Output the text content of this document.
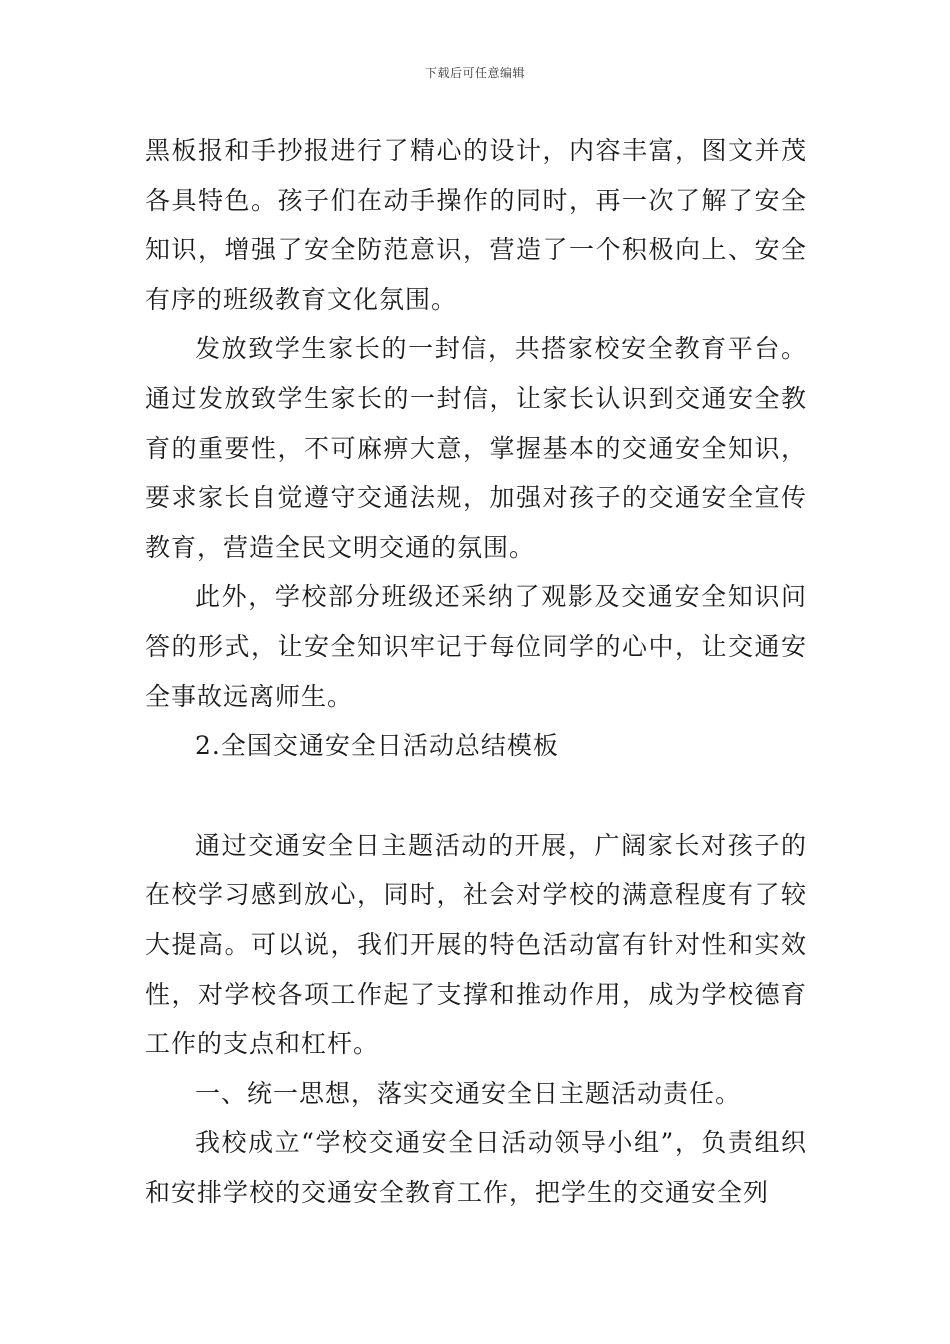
下载后可任意编辑

黑板报和手抄报进行了精心的设计，内容丰富，图文并茂各具特色。孩子们在动手操作的同时，再一次了解了安全知识，增强了安全防范意识，营造了一个积极向上、安全有序的班级教育文化氛围。

发放致学生家长的一封信，共搭家校安全教育平台。通过发放致学生家长的一封信，让家长认识到交通安全教育的重要性，不可麻痹大意，掌握基本的交通安全知识，要求家长自觉遵守交通法规，加强对孩子的交通安全宣传教育，营造全民文明交通的氛围。

此外，学校部分班级还采纳了观影及交通安全知识问答的形式，让安全知识牢记于每位同学的心中，让交通安全事故远离师生。

2.全国交通安全日活动总结模板

通过交通安全日主题活动的开展，广阔家长对孩子的在校学习感到放心，同时，社会对学校的满意程度有了较大提高。可以说，我们开展的特色活动富有针对性和实效性，对学校各项工作起了支撑和推动作用，成为学校德育工作的支点和杠杆。

一、统一思想，落实交通安全日主题活动责任。

我校成立“学校交通安全日活动领导小组”，负责组织和安排学校的交通安全教育工作，把学生的交通安全列
